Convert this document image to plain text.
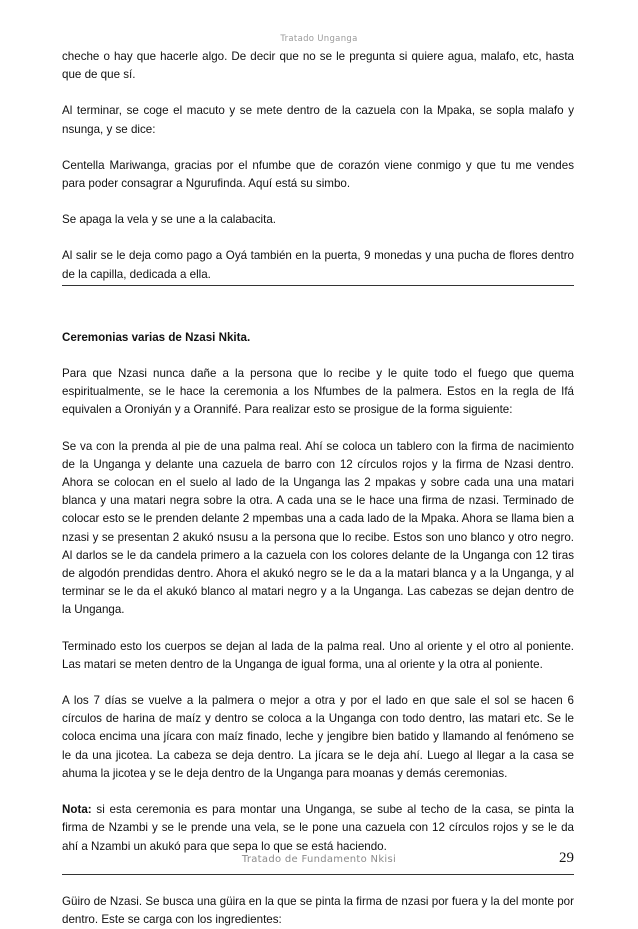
Tratado Unganga

cheche o hay que hacerle algo. De decir que no se le pregunta si quiere agua, malafo, etc, hasta que de que sí.

Al terminar, se coge el macuto y se mete dentro de la cazuela con la Mpaka, se sopla malafo y nsunga, y se dice:

Centella Mariwanga, gracias por el nfumbe que de corazón viene conmigo y que tu me vendes para poder consagrar a Ngurufinda. Aquí está su simbo.

Se apaga la vela y se une a la calabacita.

Al salir se le deja como pago a Oyá también en la puerta, 9 monedas y una pucha de flores dentro de la capilla, dedicada a ella.

Ceremonias varias de Nzasi Nkita.

Para que Nzasi nunca dañe a la persona que lo recibe y le quite todo el fuego que quema espiritualmente, se le hace la ceremonia a los Nfumbes de la palmera. Estos en la regla de Ifá equivalen a Oroniyán y a Orannifé. Para realizar esto se prosigue de la forma siguiente:

Se va con la prenda al pie de una palma real. Ahí se coloca un tablero con la firma de nacimiento de la Unganga y delante una cazuela de barro con 12 círculos rojos y la firma de Nzasi dentro. Ahora se colocan en el suelo al lado de la Unganga las 2 mpakas y sobre cada una una matari blanca y una matari negra sobre la otra. A cada una se le hace una firma de nzasi. Terminado de colocar esto se le prenden delante 2 mpembas una a cada lado de la Mpaka. Ahora se llama bien a nzasi y se presentan 2 akukó nsusu a la persona que lo recibe. Estos son uno blanco y otro negro. Al darlos se le da candela primero a la cazuela con los colores delante de la Unganga con 12 tiras de algodón prendidas dentro. Ahora el akukó negro se le da a la matari blanca y a la Unganga, y al terminar se le da el akukó blanco al matari negro y a la Unganga. Las cabezas se dejan dentro de la Unganga.

Terminado esto los cuerpos se dejan al lada de la palma real. Uno al oriente y el otro al poniente. Las matari se meten dentro de la Unganga de igual forma, una al oriente y la otra al poniente.

A los 7 días se vuelve a la palmera o mejor a otra y por el lado en que sale el sol se hacen 6 círculos de harina de maíz y dentro se coloca a la Unganga con todo dentro, las matari etc. Se le coloca encima una jícara con maíz finado, leche y jengibre bien batido y llamando al fenómeno se le da una jicotea. La cabeza se deja dentro. La jícara se le deja ahí. Luego al llegar a la casa se ahuma la jicotea y se le deja dentro de la Unganga para moanas y demás ceremonias.

Nota: si esta ceremonia es para montar una Unganga, se sube al techo de la casa, se pinta la firma de Nzambi y se le prende una vela, se le pone una cazuela con 12 círculos rojos y se le da ahí a Nzambi un akukó para que sepa lo que se está haciendo.

Güiro de Nzasi. Se busca una güira en la que se pinta la firma de nzasi por fuera y la del monte por dentro. Este se carga con los ingredientes:

Tratado de Fundamento Nkisi	29
